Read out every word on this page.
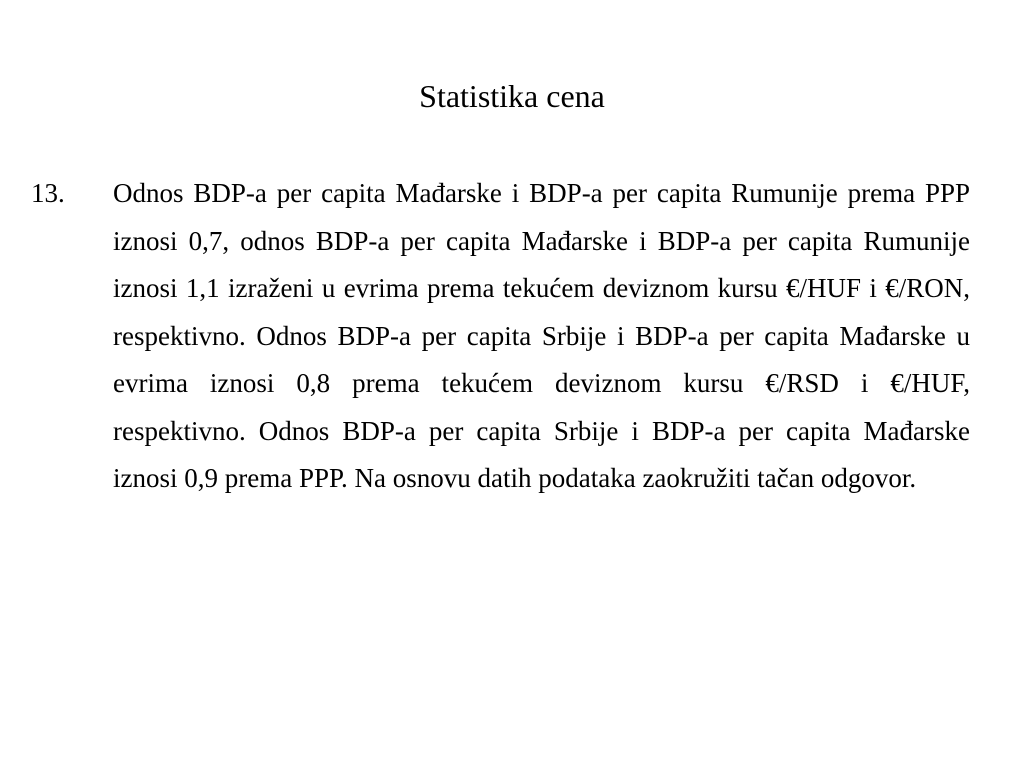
Statistika cena
13. Odnos BDP-a per capita Mađarske i BDP-a per capita Rumunije prema PPP iznosi 0,7, odnos BDP-a per capita Mađarske i BDP-a per capita Rumunije iznosi 1,1 izraženi u evrima prema tekućem deviznom kursu €/HUF i €/RON, respektivno. Odnos BDP-a per capita Srbije i BDP-a per capita Mađarske u evrima iznosi 0,8 prema tekućem deviznom kursu €/RSD i €/HUF, respektivno. Odnos BDP-a per capita Srbije i BDP-a per capita Mađarske iznosi 0,9 prema PPP. Na osnovu datih podataka zaokružiti tačan odgovor.
